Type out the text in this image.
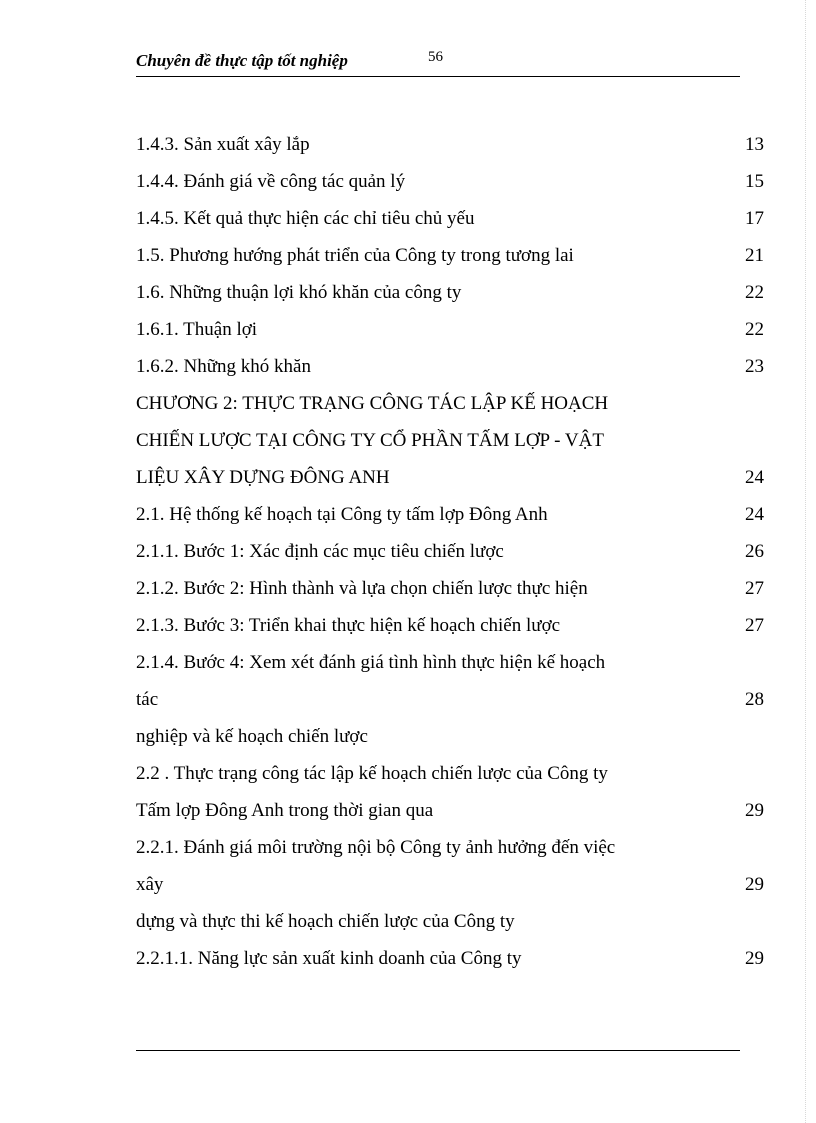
Chuyên đề thực tập tốt nghiệp	56
1.4.3. Sản xuất xây lắp	13
1.4.4. Đánh giá về công tác quản lý	15
1.4.5. Kết quả thực hiện các chỉ tiêu chủ yếu	17
1.5. Phương hướng phát triển của Công ty trong tương lai	21
1.6. Những thuận lợi khó khăn của công ty	22
1.6.1. Thuận lợi	22
1.6.2. Những khó khăn	23
CHƯƠNG 2: THỰC TRẠNG CÔNG TÁC LẬP KẾ HOẠCH
CHIẾN LƯỢC TẠI CÔNG TY CỔ PHẦN TẤM LỢP - VẬT
LIỆU XÂY DỰNG ĐÔNG ANH	24
2.1. Hệ thống kế hoạch tại Công ty tấm lợp Đông Anh	24
2.1.1. Bước 1: Xác định các mục tiêu chiến lược	26
2.1.2. Bước 2: Hình thành và lựa chọn chiến lược thực hiện	27
2.1.3. Bước 3: Triển khai thực hiện kế hoạch chiến lược	27
2.1.4. Bước 4: Xem xét đánh giá tình hình thực hiện kế hoạch
tác	28
nghiệp và kế hoạch chiến lược
2.2 . Thực trạng công tác lập kế hoạch chiến lược của Công ty
Tấm lợp Đông Anh trong thời gian qua	29
2.2.1. Đánh giá môi trường nội bộ Công ty ảnh hưởng đến việc
xây	29
dựng và thực thi kế hoạch chiến lược của Công ty
2.2.1.1. Năng lực sản xuất kinh doanh của Công ty	29
